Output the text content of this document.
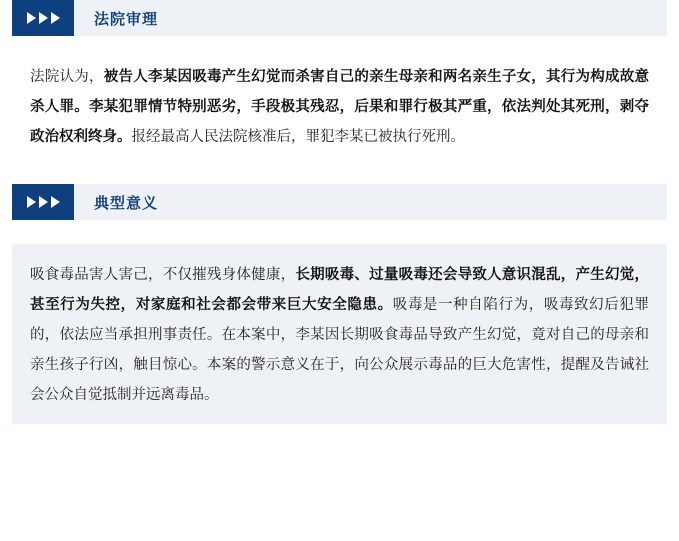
法院审理

法院认为，被告人李某因吸毒产生幻觉而杀害自己的亲生母亲和两名亲生子女，其行为构成故意杀人罪。李某犯罪情节特别恶劣，手段极其残忍，后果和罪行极其严重，依法判处其死刑，剥夺政治权利终身。报经最高人民法院核准后，罪犯李某已被执行死刑。

典型意义

吸食毒品害人害己，不仅摧残身体健康，长期吸毒、过量吸毒还会导致人意识混乱，产生幻觉，甚至行为失控，对家庭和社会都会带来巨大安全隐患。吸毒是一种自陷行为，吸毒致幻后犯罪的，依法应当承担刑事责任。在本案中，李某因长期吸食毒品导致产生幻觉，竟对自己的母亲和亲生孩子行凶，触目惊心。本案的警示意义在于，向公众展示毒品的巨大危害性，提醒及告诫社会公众自觉抵制并远离毒品。
